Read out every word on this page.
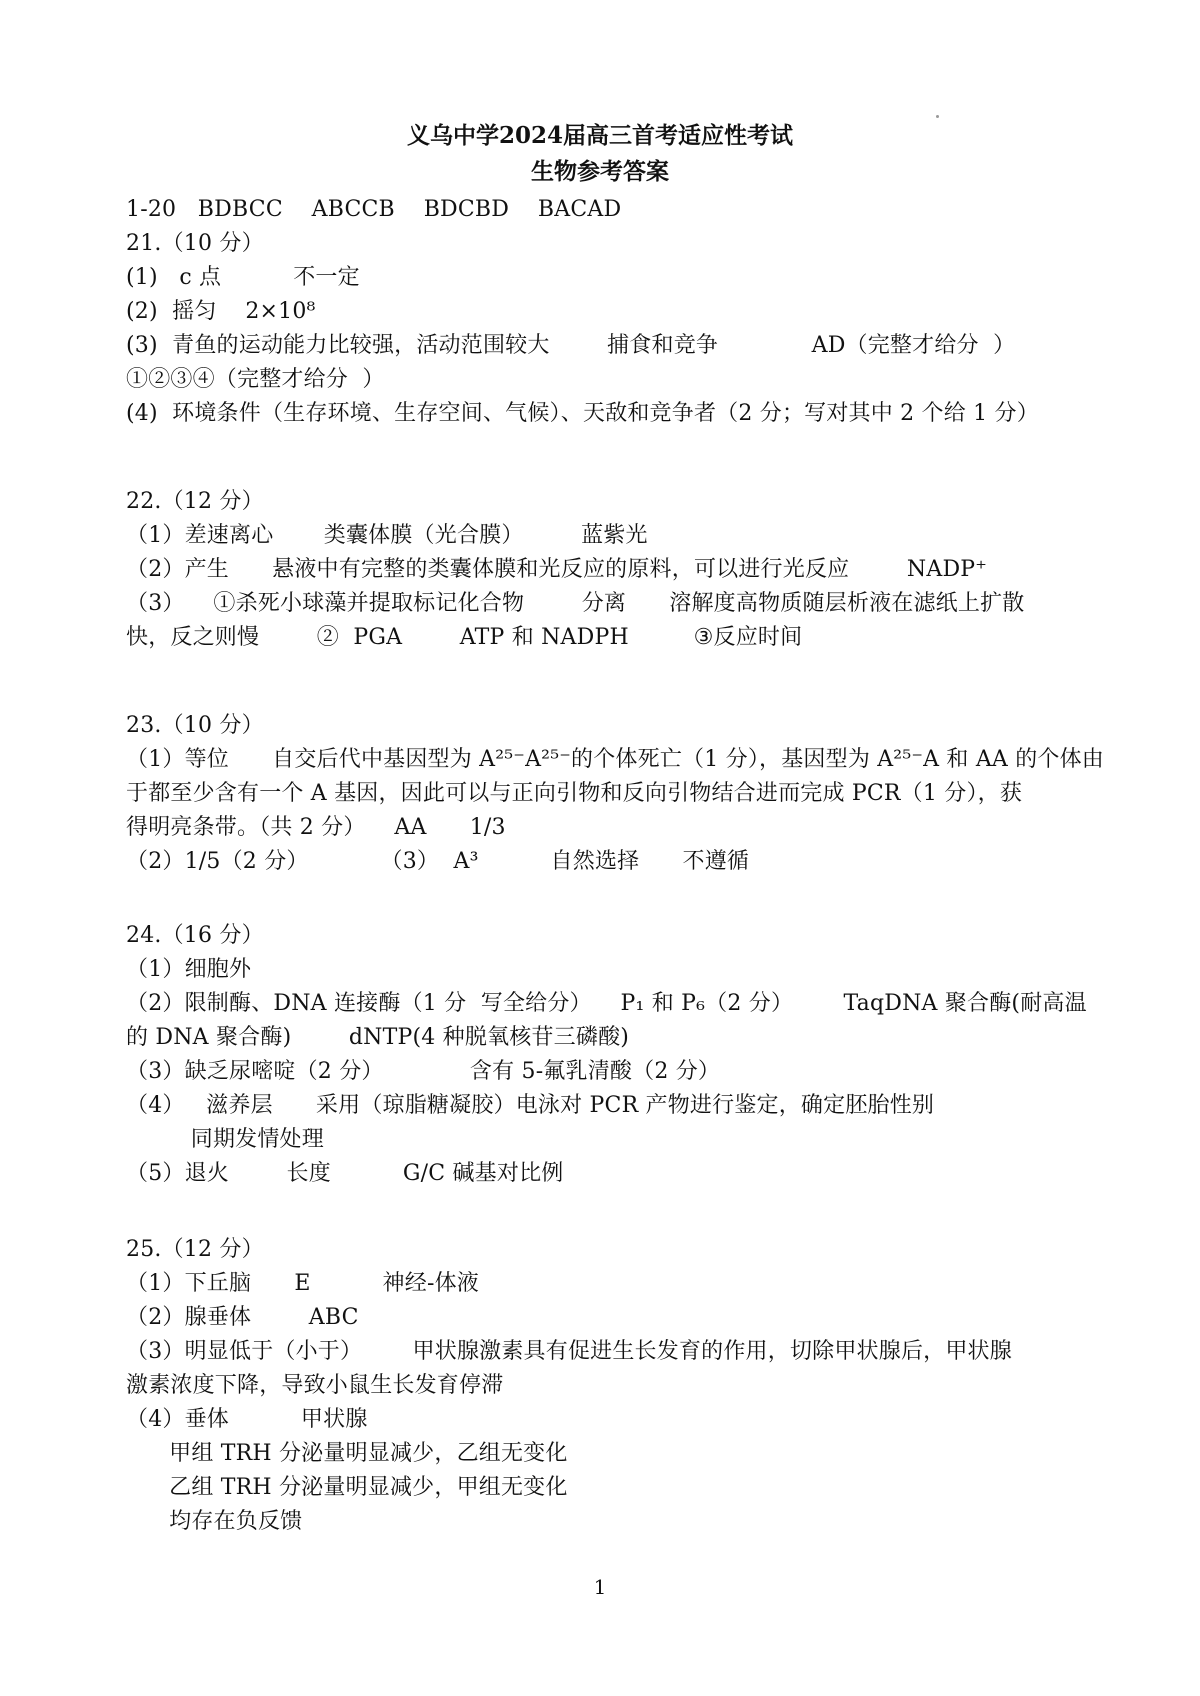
义乌中学2024届高三首考适应性考试
生物参考答案
1-20   BDBCC    ABCCB    BDCBD    BACAD
21.（10 分）
(1)   c 点          不一定
(2)  摇匀    2×10⁸
(3)  青鱼的运动能力比较强，活动范围较大        捕食和竞争             AD（完整才给分  ）
①②③④（完整才给分  ）
(4)  环境条件（生存环境、生存空间、气候）、天敌和竞争者（2 分；写对其中 2 个给 1 分）
22.（12 分）
（1）差速离心       类囊体膜（光合膜）        蓝紫光
（2）产生      悬液中有完整的类囊体膜和光反应的原料，可以进行光反应        NADP⁺
（3）    ①杀死小球藻并提取标记化合物        分离      溶解度高物质随层析液在滤纸上扩散
快，反之则慢        ②  PGA        ATP 和 NADPH         ③反应时间
23.（10 分）
（1）等位      自交后代中基因型为 A²⁵⁻A²⁵⁻的个体死亡（1 分），基因型为 A²⁵⁻A 和 AA 的个体由
于都至少含有一个 A 基因，因此可以与正向引物和反向引物结合进而完成 PCR（1 分），获
得明亮条带。（共 2 分）    AA      1/3
（2）1/5（2 分）          （3）  A³          自然选择      不遵循
24.（16 分）
（1）细胞外
（2）限制酶、DNA 连接酶（1 分  写全给分）    P₁ 和 P₆（2 分）       TaqDNA 聚合酶(耐高温
的 DNA 聚合酶)        dNTP(4 种脱氧核苷三磷酸)
（3）缺乏尿嘧啶（2 分）            含有 5-氟乳清酸（2 分）
（4）   滋养层      采用（琼脂糖凝胶）电泳对 PCR 产物进行鉴定，确定胚胎性别
同期发情处理
（5）退火        长度          G/C 碱基对比例
25.（12 分）
（1）下丘脑      E          神经-体液
（2）腺垂体        ABC
（3）明显低于（小于）       甲状腺激素具有促进生长发育的作用，切除甲状腺后，甲状腺
激素浓度下降，导致小鼠生长发育停滞
（4）垂体          甲状腺
甲组 TRH 分泌量明显减少，乙组无变化
乙组 TRH 分泌量明显减少，甲组无变化
均存在负反馈
1
